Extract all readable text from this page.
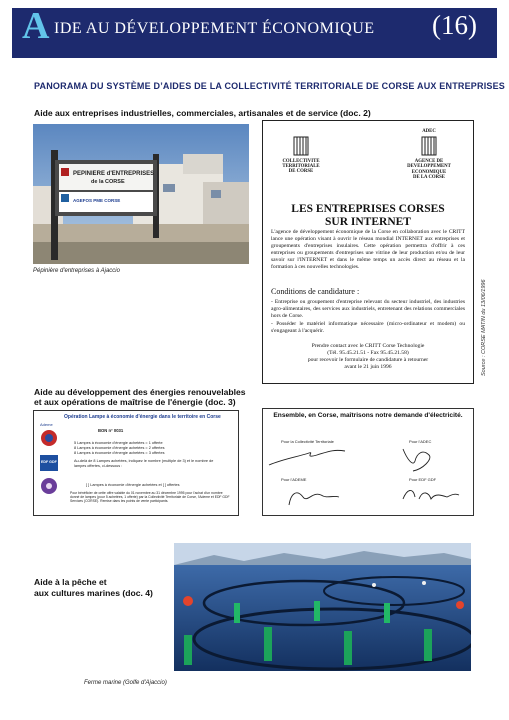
A IDE AU DÉVELOPPEMENT ÉCONOMIQUE (16)
PANORAMA DU SYSTÈME D’AIDES DE LA COLLECTIVITÉ TERRITORIALE DE CORSE AUX ENTREPRISES
Aide aux entreprises industrielles, commerciales, artisanales et de service (doc. 2)
PEPINIERE d'ENTREPRISES
de la CORSE
AGEFOS PME CORSE
Pépinière d'entreprises à Ajaccio
COLLECTIVITE
TERRITORIALE
DE CORSE
ADEC
AGENCE DE
DEVELOPPEMENT
ECONOMIQUE
DE LA CORSE
LES ENTREPRISES CORSES
SUR INTERNET
L'agence de développement économique de la Corse en collaboration avec le CRITT lance une opération visant à ouvrir le réseau mondial INTERNET aux entreprises et groupements d'entreprises insulaires. Cette opération permettra d'offrir à ces entreprises ou groupements d'entreprises une vitrine de leur production et/ou de leur savoir sur l'INTERNET et dans le même temps un accès direct au réseau et la formation à ces nouvelles technologies.
Conditions de candidature :
- Entreprise ou groupement d'entreprise relevant du secteur industriel, des industries agro-alimentaires, des services aux industriels, entretenant des relations commerciales hors de Corse.
- Posséder le matériel informatique nécessaire (micro-ordinateur et modem) ou s'engageant à l'acquérir.
Prendre contact avec le CRITT Corse Technologie
(Tél. 95.45.21.51 - Fax 95.45.21.58)
pour recevoir le formulaire de candidature à retourner
avant le 21 juin 1996	Source : CORSE MATIN du 13/06/1996
Aide au développement des énergies renouvelables
et aux opérations de maîtrise de l'énergie (doc. 3)
Opération Lampe à économie d'énergie dans le territoire en Corse
Ademe
EDF GDF
BON n° 0031
5 Lampes à économie d'énergie achetées = 1 offerte
8 Lampes à économie d'énergie achetées = 2 offertes
8 Lampes à économie d'énergie achetées = 3 offertes
Au-delà de 8 Lampes achetées, indiquez le nombre (multiple de 3) et le nombre de lampes offertes, ci-dessous :
[ ] Lampes à économie d'énergie achetées et [ ] offertes
Pour bénéficier de cette offre valable du 01 novembre au 31 décembre 1995 pour l'achat d'un nombre donné de lampes (pour 5 achetées, 1 offerte) par la Collectivité Territoriale de Corse, l'Ademe et EDF GDF Services (CORSE). Remise dans les points de vente participants.
Ensemble, en Corse, maîtrisons notre demande d'électricité.
Pour la Collectivité Territoriale	Pour l'ADEC
Pour l'ADEME	Pour EDF GDF
Aide à la pêche et
aux cultures marines (doc. 4)
Ferme marine (Golfe d'Ajaccio)
